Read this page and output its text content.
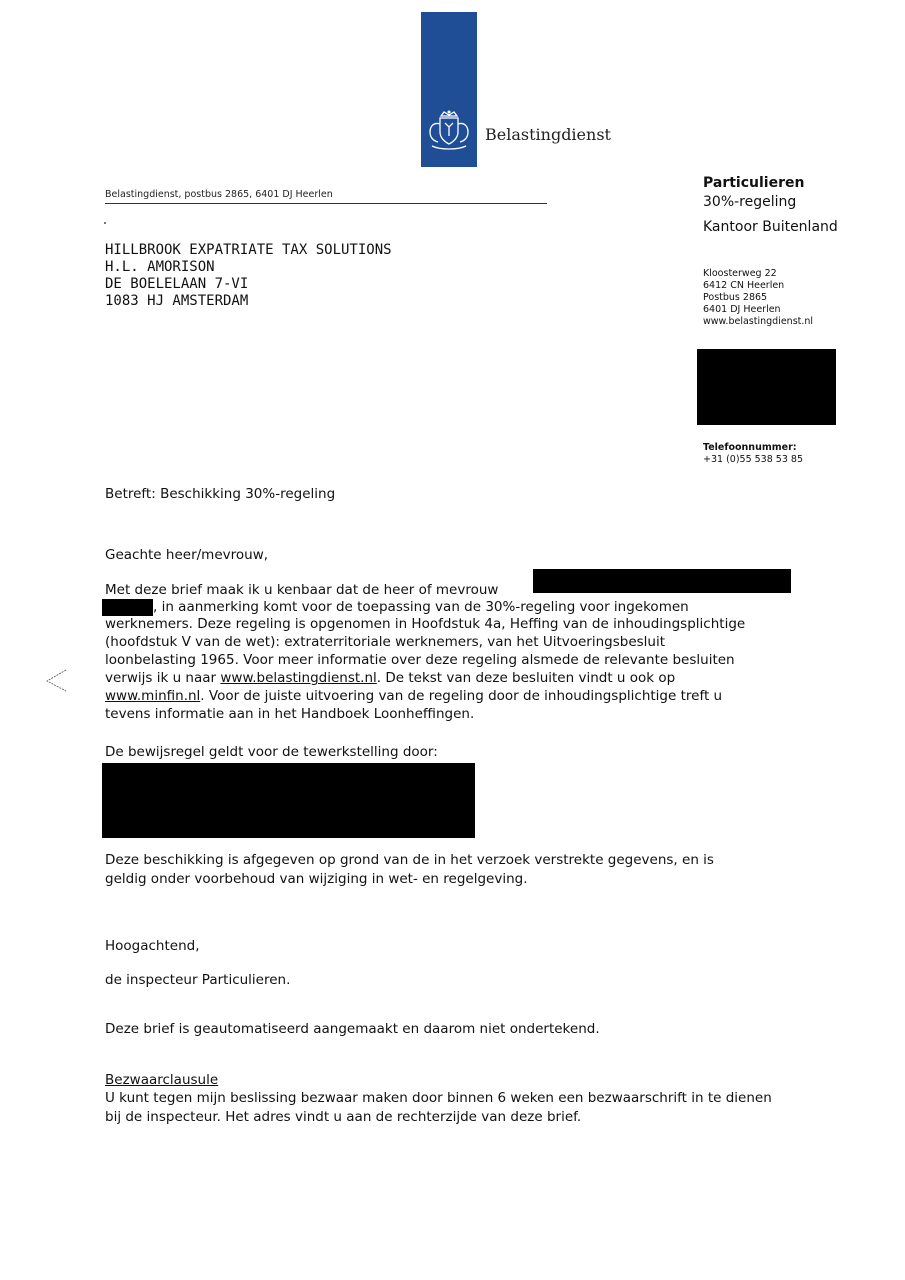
Belastingdienst
Belastingdienst, postbus 2865, 6401 DJ Heerlen
HILLBROOK EXPATRIATE TAX SOLUTIONS
H.L. AMORISON
DE BOELELAAN 7-VI
1083 HJ AMSTERDAM
Particulieren
30%-regeling
Kantoor Buitenland
Kloosterweg 22
6412 CN Heerlen
Postbus 2865
6401 DJ Heerlen
www.belastingdienst.nl
Telefoonnummer:
+31 (0)55 538 53 85
Betreft: Beschikking 30%-regeling
Geachte heer/mevrouw,
Met deze brief maak ik u kenbaar dat de heer of mevrouw
, in aanmerking komt voor de toepassing van de 30%-regeling voor ingekomen
werknemers. Deze regeling is opgenomen in Hoofdstuk 4a, Heffing van de inhoudingsplichtige
(hoofdstuk V van de wet): extraterritoriale werknemers, van het Uitvoeringsbesluit
loonbelasting 1965. Voor meer informatie over deze regeling alsmede de relevante besluiten
verwijs ik u naar www.belastingdienst.nl. De tekst van deze besluiten vindt u ook op
www.minfin.nl. Voor de juiste uitvoering van de regeling door de inhoudingsplichtige treft u
tevens informatie aan in het Handboek Loonheffingen.
De bewijsregel geldt voor de tewerkstelling door:
Deze beschikking is afgegeven op grond van de in het verzoek verstrekte gegevens, en is
geldig onder voorbehoud van wijziging in wet- en regelgeving.
Hoogachtend,
de inspecteur Particulieren.
Deze brief is geautomatiseerd aangemaakt en daarom niet ondertekend.
Bezwaarclausule
U kunt tegen mijn beslissing bezwaar maken door binnen 6 weken een bezwaarschrift in te dienen
bij de inspecteur. Het adres vindt u aan de rechterzijde van deze brief.
